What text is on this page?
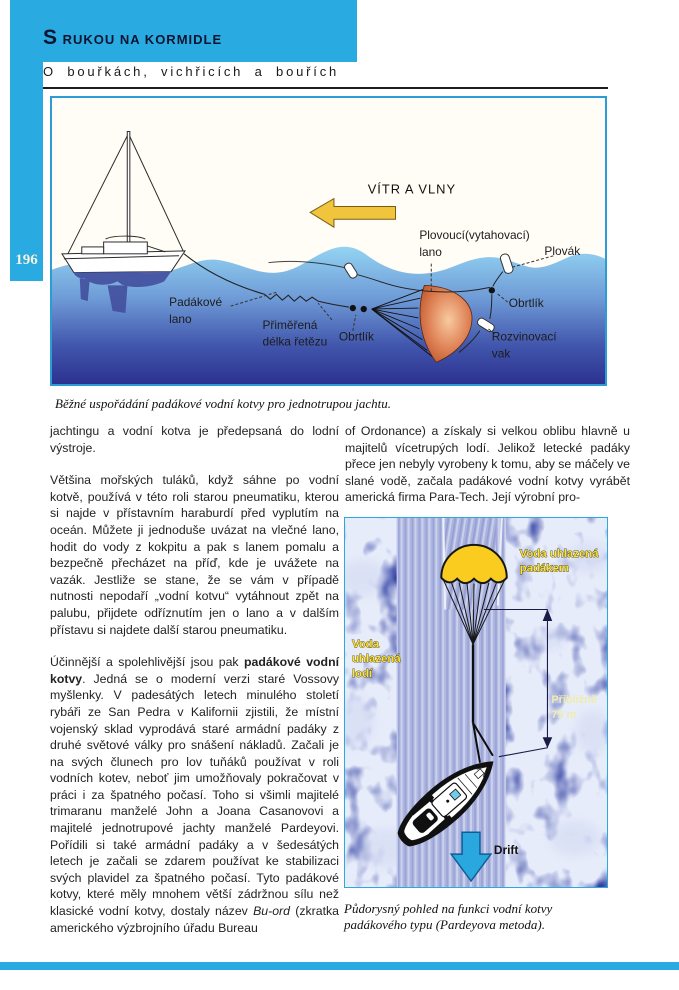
S RUKOU NA KORMIDLE
196
O bouřkách, vichřicích a bouřích
VÍTR A VLNY
Plovoucí(vytahovací)
lano	Plovák
Padákové
lano	Přiměřená
délka řetězu Obrtlík
Obrtlík
Rozvinovací
vak
Běžné uspořádání padákové vodní kotvy pro jednotrupou jachtu.

jachtingu a vodní kotva je předepsaná do lodní výstroje.

Většina mořských tuláků, když sáhne po vodní kotvě, používá v této roli starou pneumatiku, kterou si najde v přístavním haraburdí před vyplutím na oceán. Můžete ji jednoduše uvázat na vlečné lano, hodit do vody z kokpitu a pak s lanem pomalu a bezpečně přecházet na příď, kde je uvážete na vazák. Jestliže se stane, že se vám v případě nutnosti nepodaří „vodní kotvu“ vytáhnout zpět na palubu, přijdete odříznutím jen o lano a v dalším přístavu si najdete další starou pneumatiku.

Účinnější a spolehlivější jsou pak padákové vodní kotvy. Jedná se o moderní verzi staré Vossovy myšlenky. V padesátých letech minulého století rybáři ze San Pedra v Kalifornii zjistili, že místní vojenský sklad vyprodává staré armádní padáky z druhé světové války pro snášení nákladů. Začali je na svých člunech pro lov tuňáků používat v roli vodních kotev, neboť jim umožňovaly pokračovat v práci i za špatného počasí. Toho si všimli majitelé trimaranu manželé John a Joana Casanovovi a majitelé jednotrupové jachty manželé Pardeyovi. Pořídili si také armádní padáky a v šedesátých letech je začali se zdarem používat ke stabilizaci svých plavidel za špatného počasí. Tyto padákové kotvy, které měly mnohem větší zádržnou sílu než klasické vodní kotvy, dostaly název Bu-ord (zkratka amerického výzbrojního úřadu Bureau

of Ordonance) a získaly si velkou oblibu hlavně u majitelů vícetrupých lodí. Jelikož letecké padáky přece jen nebyly vyrobeny k tomu, aby se máčely ve slané vodě, začala padákové vodní kotvy vyrábět americká firma Para-Tech. Její výrobní pro-

Voda uhlazená
padákem
Voda
uhlazená
lodí
Přibližně
75 m
Drift
Půdorysný pohled na funkci vodní kotvy padákového typu (Pardeyova metoda).
